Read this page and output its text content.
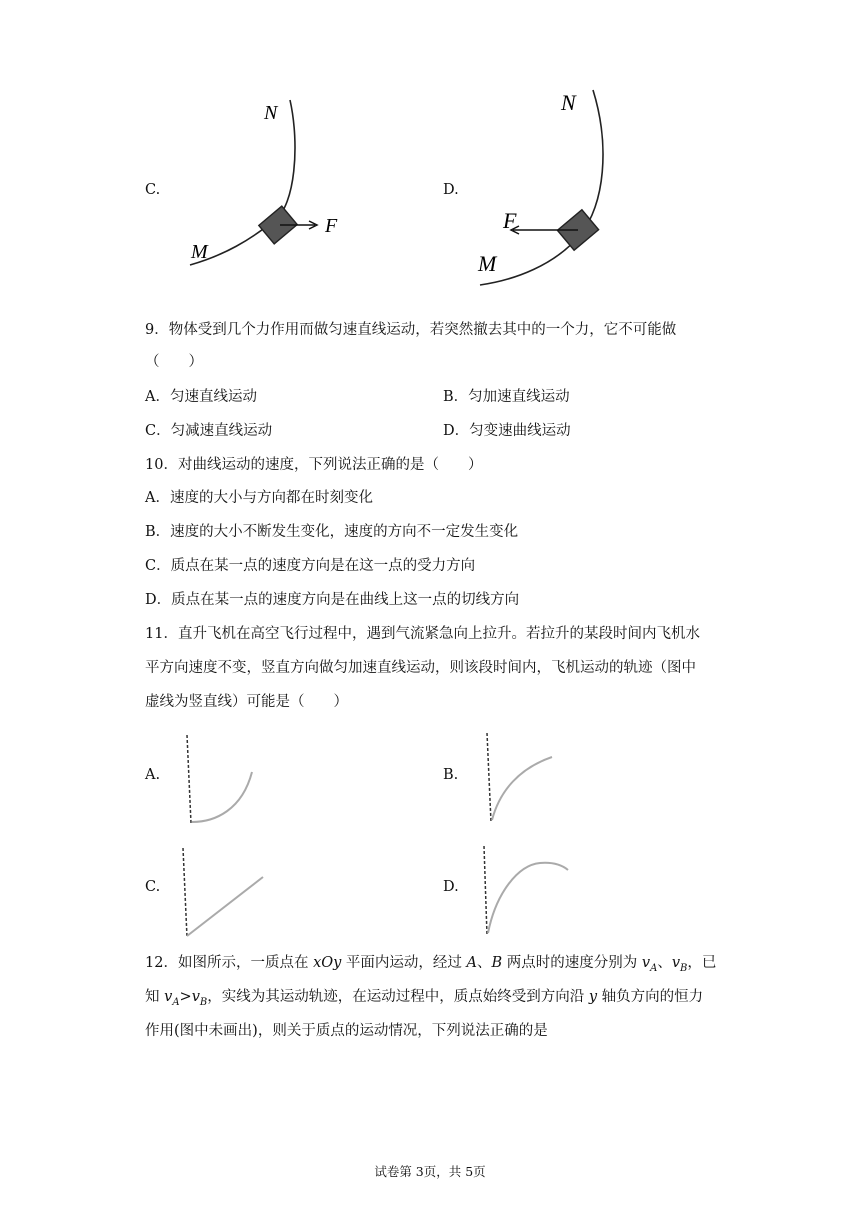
C.
F
M
N
D.
F
M
N
9．物体受到几个力作用而做匀速直线运动，若突然撤去其中的一个力，它不可能做
（　　）
A．匀速直线运动	B．匀加速直线运动
C．匀减速直线运动	D．匀变速曲线运动
10．对曲线运动的速度，下列说法正确的是（　　）
A．速度的大小与方向都在时刻变化
B．速度的大小不断发生变化，速度的方向不一定发生变化
C．质点在某一点的速度方向是在这一点的受力方向
D．质点在某一点的速度方向是在曲线上这一点的切线方向
11．直升飞机在高空飞行过程中，遇到气流紧急向上拉升。若拉升的某段时间内飞机水
平方向速度不变，竖直方向做匀加速直线运动，则该段时间内，飞机运动的轨迹（图中
虚线为竖直线）可能是（　　）
A.	B.
C.	D.
12．如图所示，一质点在 xOy 平面内运动，经过 A、B 两点时的速度分别为 $v_A$、$v_B$，已
知 $v_A>v_B$，实线为其运动轨迹，在运动过程中，质点始终受到方向沿 y 轴负方向的恒力
作用(图中未画出)，则关于质点的运动情况，下列说法正确的是
试卷第 3页，共 5页
